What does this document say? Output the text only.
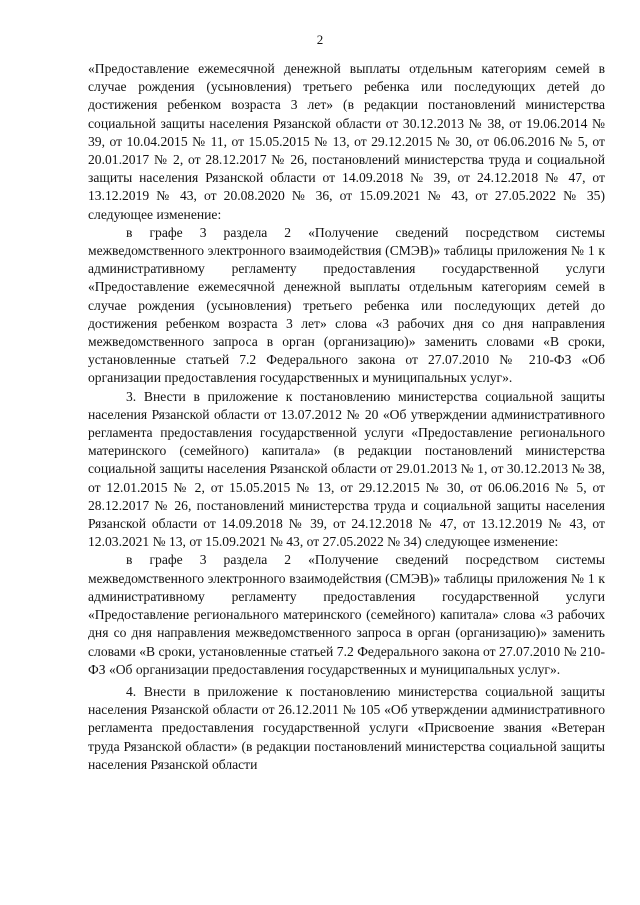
2

«Предоставление ежемесячной денежной выплаты отдельным категориям семей в случае рождения (усыновления) третьего ребенка или последующих детей до достижения ребенком возраста 3 лет» (в редакции постановлений министерства социальной защиты населения Рязанской области от 30.12.2013 № 38, от 19.06.2014 № 39, от 10.04.2015 № 11, от 15.05.2015 № 13, от 29.12.2015 № 30, от 06.06.2016 № 5, от 20.01.2017 № 2, от 28.12.2017 № 26, постановлений министерства труда и социальной защиты населения Рязанской области от 14.09.2018 № 39, от 24.12.2018 № 47, от 13.12.2019 № 43, от 20.08.2020 № 36, от 15.09.2021 № 43, от 27.05.2022 № 35) следующее изменение:

в графе 3 раздела 2 «Получение сведений посредством системы межведомственного электронного взаимодействия (СМЭВ)» таблицы приложения № 1 к административному регламенту предоставления государственной услуги «Предоставление ежемесячной денежной выплаты отдельным категориям семей в случае рождения (усыновления) третьего ребенка или последующих детей до достижения ребенком возраста 3 лет» слова «3 рабочих дня со дня направления межведомственного запроса в орган (организацию)» заменить словами «В сроки, установленные статьей 7.2 Федерального закона от 27.07.2010 № 210-ФЗ «Об организации предоставления государственных и муниципальных услуг».

3. Внести в приложение к постановлению министерства социальной защиты населения Рязанской области от 13.07.2012 № 20 «Об утверждении административного регламента предоставления государственной услуги «Предоставление регионального материнского (семейного) капитала» (в редакции постановлений министерства социальной защиты населения Рязанской области от 29.01.2013 № 1, от 30.12.2013 № 38, от 12.01.2015 № 2, от 15.05.2015 № 13, от 29.12.2015 № 30, от 06.06.2016 № 5, от 28.12.2017 № 26, постановлений министерства труда и социальной защиты населения Рязанской области от 14.09.2018 № 39, от 24.12.2018 № 47, от 13.12.2019 № 43, от 12.03.2021 № 13, от 15.09.2021 № 43, от 27.05.2022 № 34) следующее изменение:

в графе 3 раздела 2 «Получение сведений посредством системы межведомственного электронного взаимодействия (СМЭВ)» таблицы приложения № 1 к административному регламенту предоставления государственной услуги «Предоставление регионального материнского (семейного) капитала» слова «3 рабочих дня со дня направления межведомственного запроса в орган (организацию)» заменить словами «В сроки, установленные статьей 7.2 Федерального закона от 27.07.2010 № 210-ФЗ «Об организации предоставления государственных и муниципальных услуг».

4. Внести в приложение к постановлению министерства социальной защиты населения Рязанской области от 26.12.2011 № 105 «Об утверждении административного регламента предоставления государственной услуги «Присвоение звания «Ветеран труда Рязанской области» (в редакции постановлений министерства социальной защиты населения Рязанской области
